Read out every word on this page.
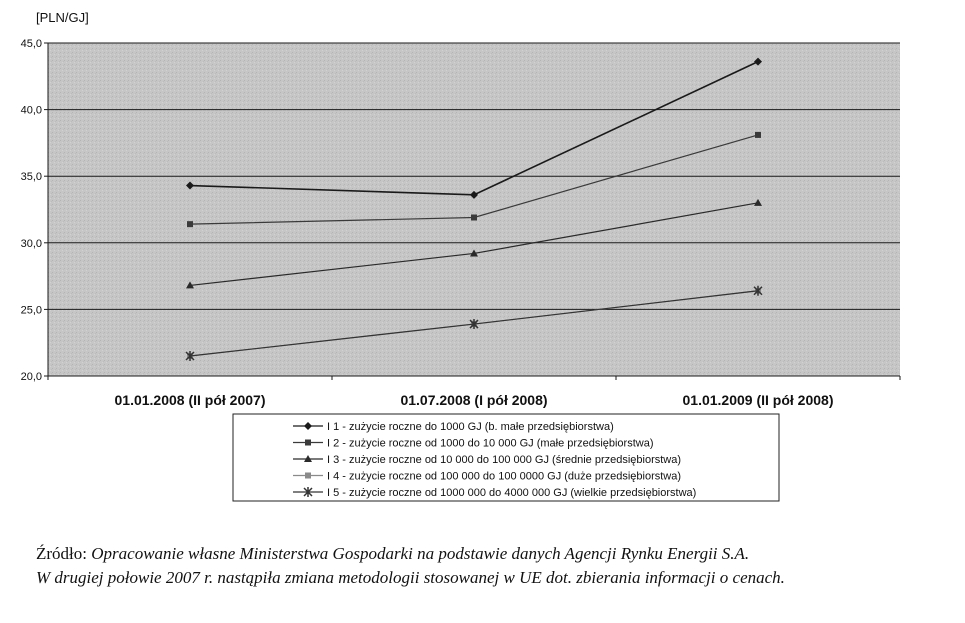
[PLN/GJ]
20,0
25,0
30,0
35,0
40,0
45,0
01.01.2008 (II pół 2007)	01.07.2008 (I pół 2008)	01.01.2009 (II pół 2008)
I 1 - zużycie roczne do 1000 GJ (b. małe przedsiębiorstwa)
I 2 - zużycie roczne od 1000 do 10 000 GJ (małe przedsiębiorstwa)
I 3 - zużycie roczne od 10 000 do 100 000 GJ (średnie przedsiębiorstwa)
I 4 - zużycie roczne od 100 000 do 100 0000 GJ (duże przedsiębiorstwa)
I 5 - zużycie roczne od 1000 000 do 4000 000 GJ (wielkie przedsiębiorstwa)
Źródło: Opracowanie własne Ministerstwa Gospodarki na podstawie danych Agencji Rynku Energii S.A.
W drugiej połowie 2007 r. nastąpiła zmiana metodologii stosowanej w UE dot. zbierania informacji o cenach.
